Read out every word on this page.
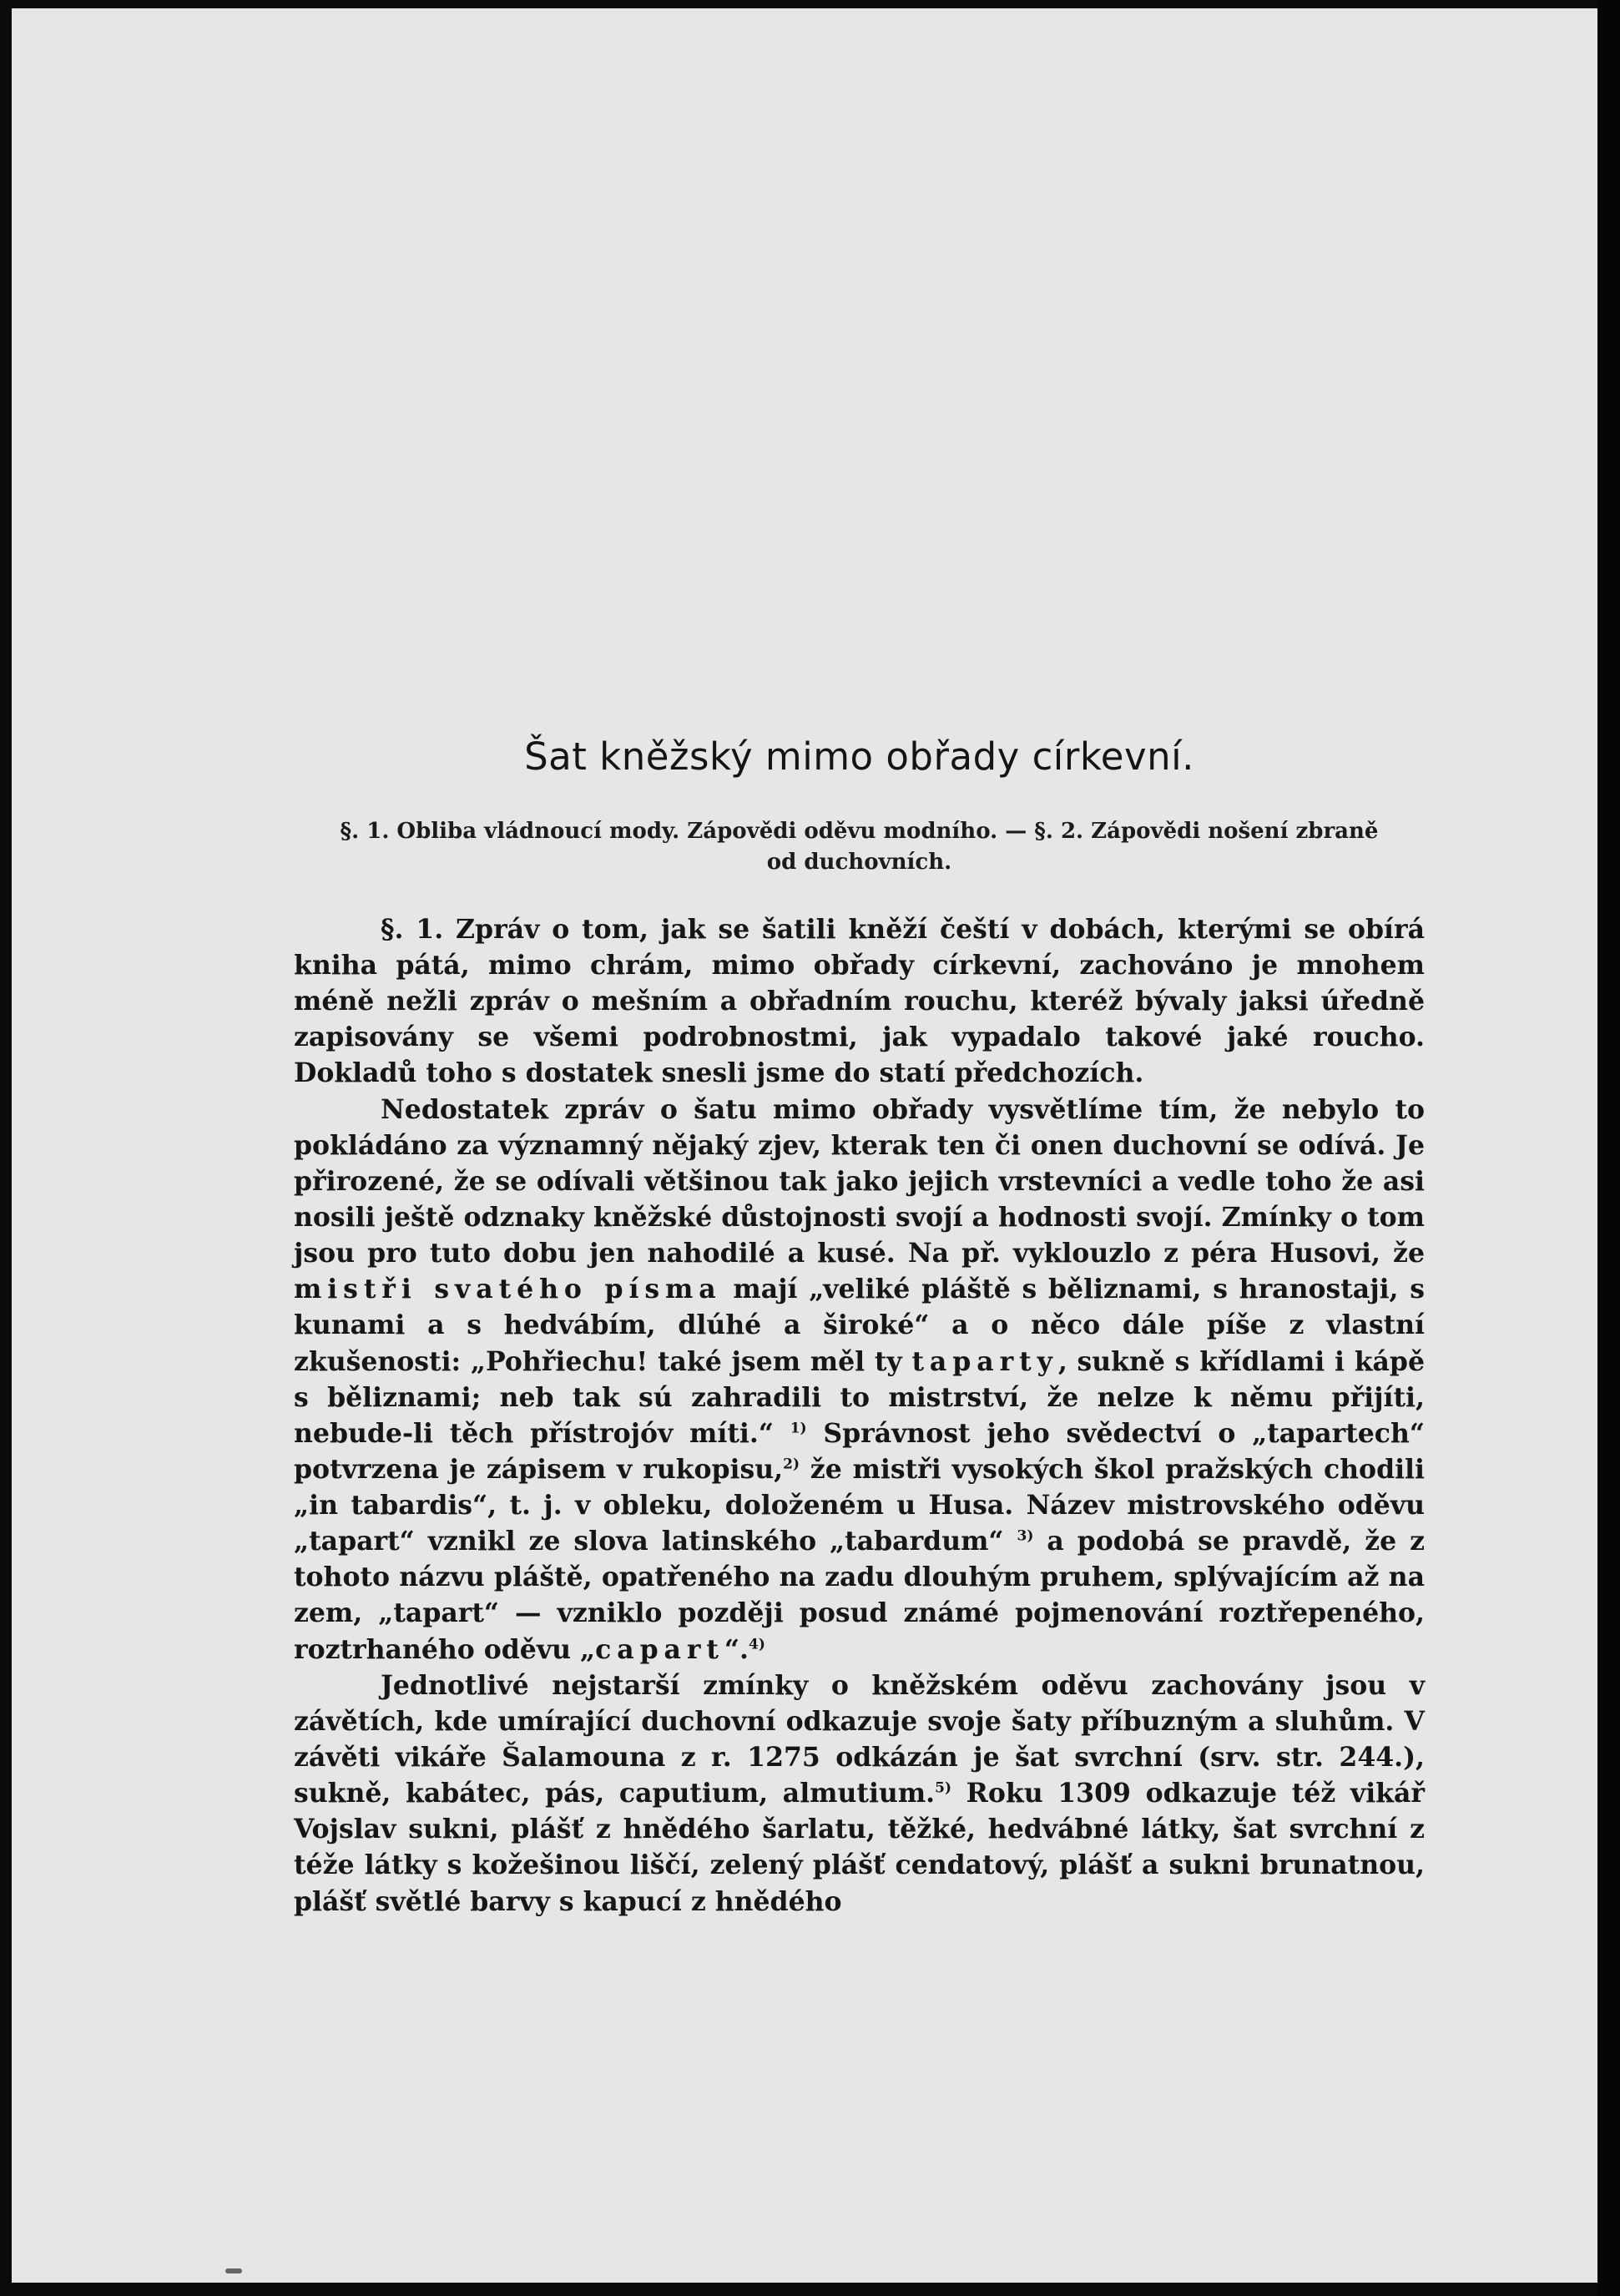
Šat kněžský mimo obřady církevní.

§. 1. Obliba vládnoucí mody. Zápovědi oděvu modního. — §. 2. Zápovědi nošení zbraně od duchovních.

§. 1. Zpráv o tom, jak se šatili kněží čeští v dobách, kterými se obírá kniha pátá, mimo chrám, mimo obřady církevní, zachováno je mnohem méně nežli zpráv o mešním a obřadním rouchu, kteréž bývaly jaksi úředně zapisovány se všemi podrobnostmi, jak vypadalo takové jaké roucho. Dokladů toho s dostatek snesli jsme do statí předchozích.

Nedostatek zpráv o šatu mimo obřady vysvětlíme tím, že nebylo to pokládáno za významný nějaký zjev, kterak ten či onen duchovní se odívá. Je přirozené, že se odívali většinou tak jako jejich vrstevníci a vedle toho že asi nosili ještě odznaky kněžské důstojnosti svojí a hodnosti svojí. Zmínky o tom jsou pro tuto dobu jen nahodilé a kusé. Na př. vyklouzlo z péra Husovi, že mistři svatého písma mají „veliké pláště s běliznami, s hranostaji, s kunami a s hedvábím, dlúhé a široké“ a o něco dále píše z vlastní zkušenosti: „Pohřiechu! také jsem měl ty taparty, sukně s křídlami i kápě s běliznami; neb tak sú zahradili to mistrství, že nelze k němu přijíti, nebude-li těch přístrojóv míti.“ $^{1)}$ Správnost jeho svědectví o „tapartech“ potvrzena je zápisem v rukopisu,$^{2)}$ že mistři vysokých škol pražských chodili „in tabardis“, t. j. v obleku, doloženém u Husa. Název mistrovského oděvu „tapart“ vznikl ze slova latinského „tabardum“ $^{3)}$ a podobá se pravdě, že z tohoto názvu pláště, opatřeného na zadu dlouhým pruhem, splývajícím až na zem, „tapart“ — vzniklo později posud známé pojmenování roztřepeného, roztrhaného oděvu „capart“.$^{4)}$

Jednotlivé nejstarší zmínky o kněžském oděvu zachovány jsou v závětích, kde umírající duchovní odkazuje svoje šaty příbuzným a sluhům. V závěti vikáře Šalamouna z r. 1275 odkázán je šat svrchní (srv. str. 244.), sukně, kabátec, pás, caputium, almutium.$^{5)}$ Roku 1309 odkazuje též vikář Vojslav sukni, plášť z hnědého šarlatu, těžké, hedvábné látky, šat svrchní z téže látky s kožešinou liščí, zelený plášť cendatový, plášť a sukni brunatnou, plášť světlé barvy s kapucí z hnědého
